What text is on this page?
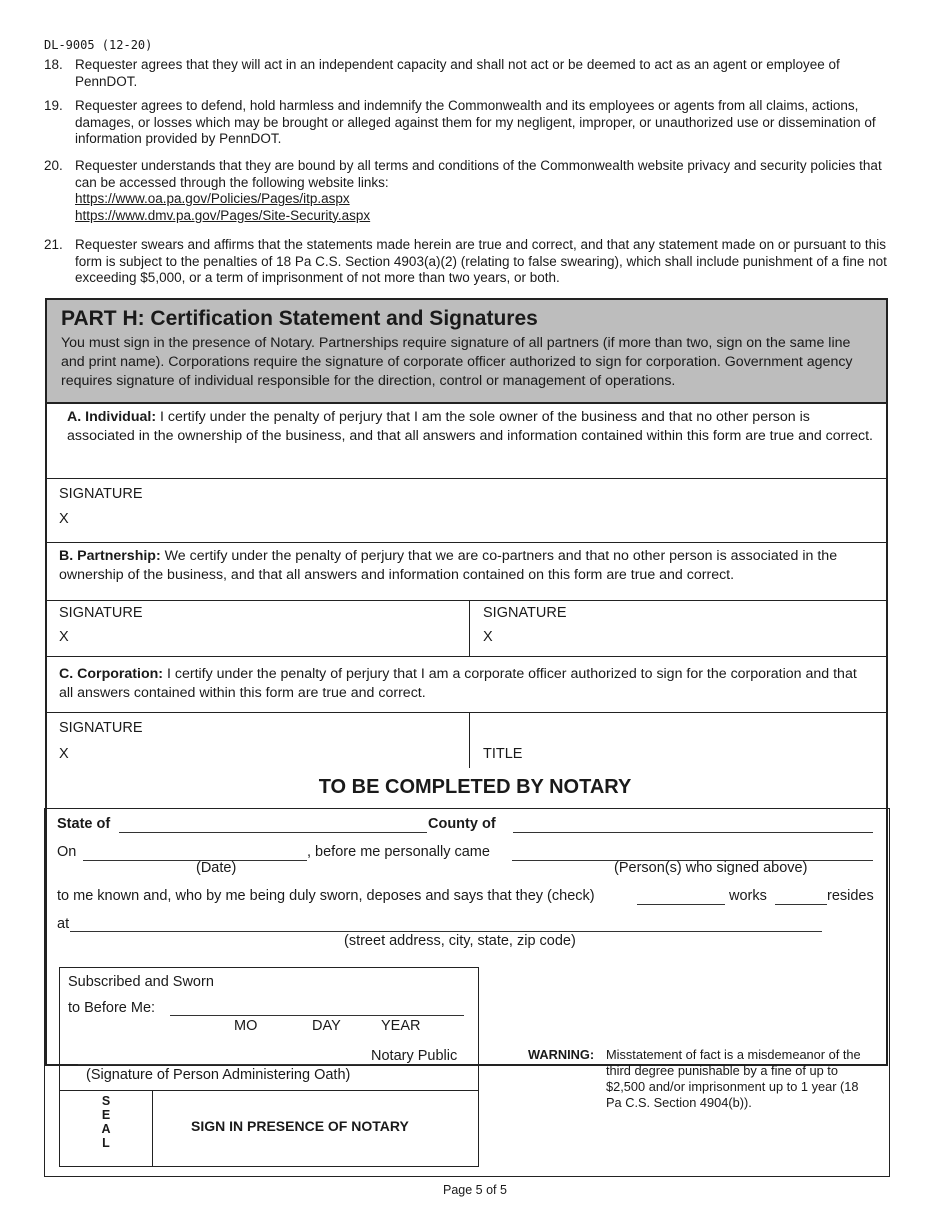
DL-9005 (12-20)
18. Requester agrees that they will act in an independent capacity and shall not act or be deemed to act as an agent or employee of PennDOT.
19. Requester agrees to defend, hold harmless and indemnify the Commonwealth and its employees or agents from all claims, actions, damages, or losses which may be brought or alleged against them for my negligent, improper, or unauthorized use or dissemination of information provided by PennDOT.
20. Requester understands that they are bound by all terms and conditions of the Commonwealth website privacy and security policies that can be accessed through the following website links:
https://www.oa.pa.gov/Policies/Pages/itp.aspx
https://www.dmv.pa.gov/Pages/Site-Security.aspx
21. Requester swears and affirms that the statements made herein are true and correct, and that any statement made on or pursuant to this form is subject to the penalties of 18 Pa C.S. Section 4903(a)(2) (relating to false swearing), which shall include punishment of a fine not exceeding $5,000, or a term of imprisonment of not more than two years, or both.
PART H: Certification Statement and Signatures
You must sign in the presence of Notary. Partnerships require signature of all partners (if more than two, sign on the same line and print name). Corporations require the signature of corporate officer authorized to sign for corporation. Government agency requires signature of individual responsible for the direction, control or management of operations.
A. Individual: I certify under the penalty of perjury that I am the sole owner of the business and that no other person is associated in the ownership of the business, and that all answers and information contained within this form are true and correct.
SIGNATURE
X
B. Partnership: We certify under the penalty of perjury that we are co-partners and that no other person is associated in the ownership of the business, and that all answers and information contained on this form are true and correct.
SIGNATURE
X
SIGNATURE
X
C. Corporation: I certify under the penalty of perjury that I am a corporate officer authorized to sign for the corporation and that all answers contained within this form are true and correct.
SIGNATURE
X	TITLE
TO BE COMPLETED BY NOTARY
State of	County of
On	, before me personally came
(Date)	(Person(s) who signed above)
to me known and, who by me being duly sworn, deposes and says that they (check)	works	resides
at
(street address, city, state, zip code)
Subscribed and Sworn
to Before Me:
MO	DAY	YEAR
Notary Public
(Signature of Person Administering Oath)
S
E
A
L
SIGN IN PRESENCE OF NOTARY
WARNING: Misstatement of fact is a misdemeanor of the third degree punishable by a fine of up to $2,500 and/or imprisonment up to 1 year (18 Pa C.S. Section 4904(b)).
Page 5 of 5
